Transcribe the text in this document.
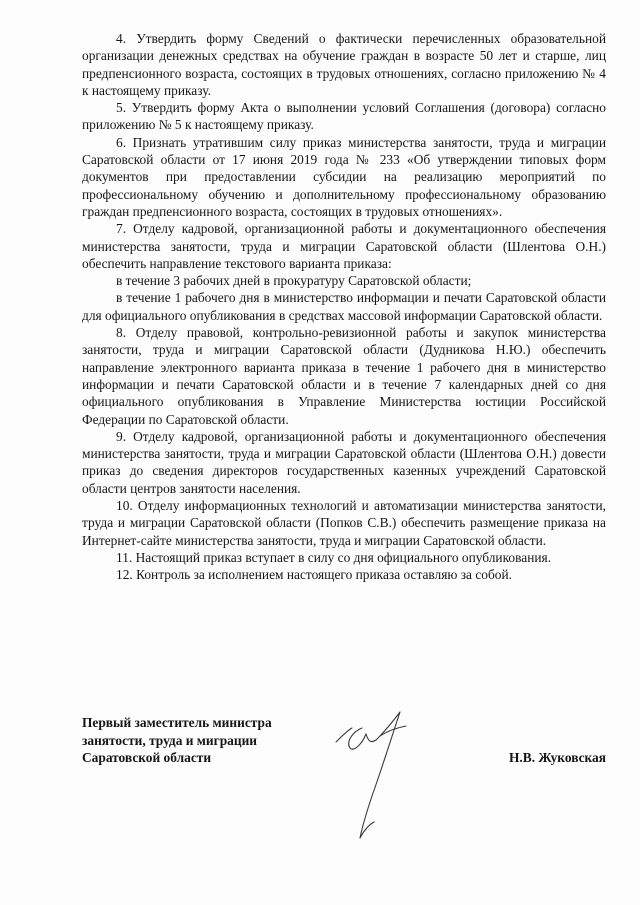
4. Утвердить форму Сведений о фактически перечисленных образовательной организации денежных средствах на обучение граждан в возрасте 50 лет и старше, лиц предпенсионного возраста, состоящих в трудовых отношениях, согласно приложению № 4 к настоящему приказу.

5. Утвердить форму Акта о выполнении условий Соглашения (договора) согласно приложению № 5 к настоящему приказу.

6. Признать утратившим силу приказ министерства занятости, труда и миграции Саратовской области от 17 июня 2019 года № 233 «Об утверждении типовых форм документов при предоставлении субсидии на реализацию мероприятий по профессиональному обучению и дополнительному профессиональному образованию граждан предпенсионного возраста, состоящих в трудовых отношениях».

7. Отделу кадровой, организационной работы и документационного обеспечения министерства занятости, труда и миграции Саратовской области (Шлентова О.Н.) обеспечить направление текстового варианта приказа:

в течение 3 рабочих дней в прокуратуру Саратовской области;

в течение 1 рабочего дня в министерство информации и печати Саратовской области для официального опубликования в средствах массовой информации Саратовской области.

8. Отделу правовой, контрольно-ревизионной работы и закупок министерства занятости, труда и миграции Саратовской области (Дудникова Н.Ю.) обеспечить направление электронного варианта приказа в течение 1 рабочего дня в министерство информации и печати Саратовской области и в течение 7 календарных дней со дня официального опубликования в Управление Министерства юстиции Российской Федерации по Саратовской области.

9. Отделу кадровой, организационной работы и документационного обеспечения министерства занятости, труда и миграции Саратовской области (Шлентова О.Н.) довести приказ до сведения директоров государственных казенных учреждений Саратовской области центров занятости населения.

10. Отделу информационных технологий и автоматизации министерства занятости, труда и миграции Саратовской области (Попков С.В.) обеспечить размещение приказа на Интернет-сайте министерства занятости, труда и миграции Саратовской области.

11. Настоящий приказ вступает в силу со дня официального опубликования.

12. Контроль за исполнением настоящего приказа оставляю за собой.

Первый заместитель министра
занятости, труда и миграции
Саратовской области	Н.В. Жуковская
